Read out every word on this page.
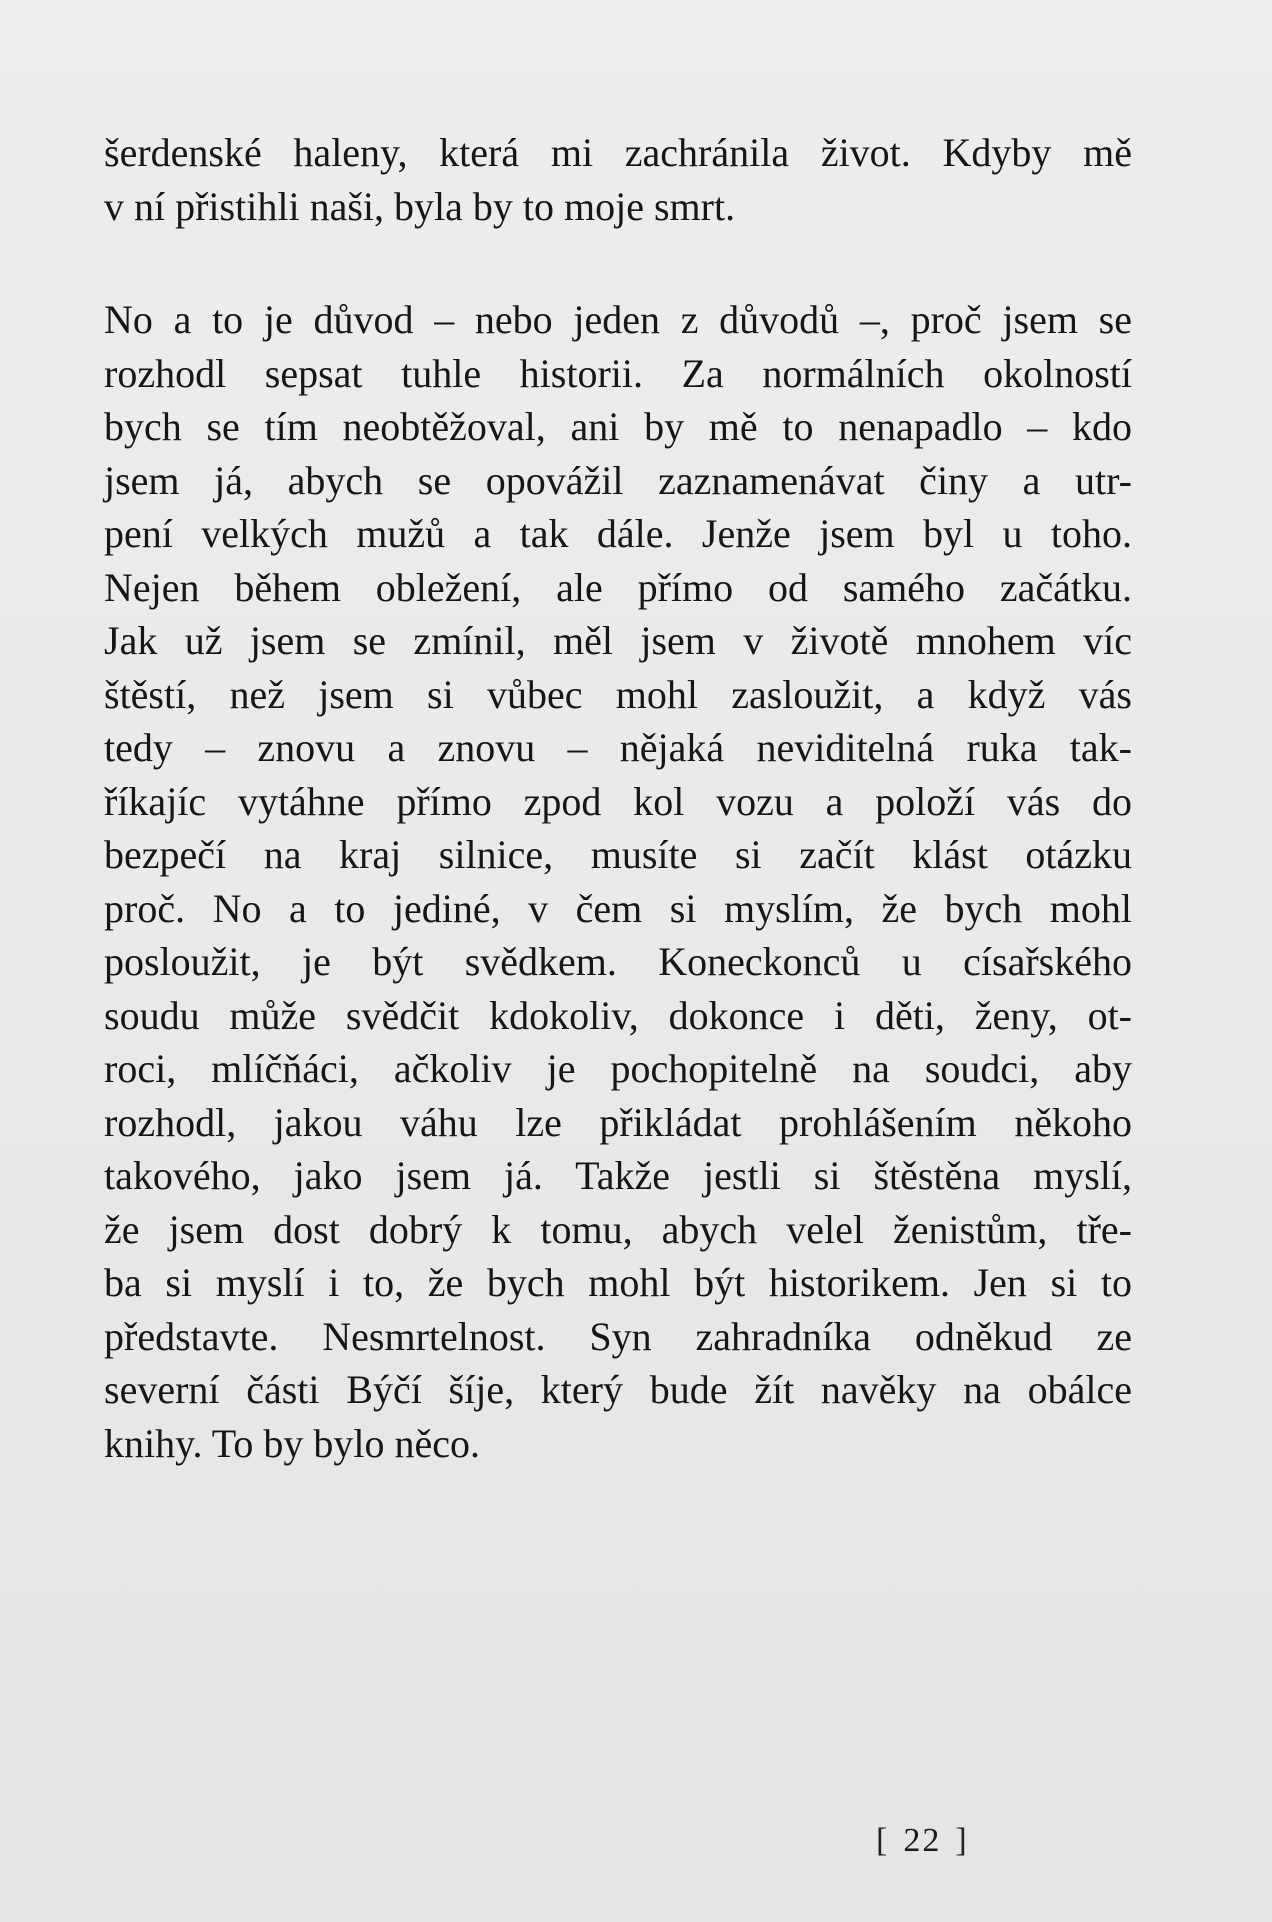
šerdenské haleny, která mi zachránila život. Kdyby mě
v ní přistihli naši, byla by to moje smrt.
No a to je důvod – nebo jeden z důvodů –, proč jsem se
rozhodl sepsat tuhle historii. Za normálních okolností
bych se tím neobtěžoval, ani by mě to nenapadlo – kdo
jsem já, abych se opovážil zaznamenávat činy a utr-
pení velkých mužů a tak dále. Jenže jsem byl u toho.
Nejen během obležení, ale přímo od samého začátku.
Jak už jsem se zmínil, měl jsem v životě mnohem víc
štěstí, než jsem si vůbec mohl zasloužit, a když vás
tedy – znovu a znovu – nějaká neviditelná ruka tak-
říkajíc vytáhne přímo zpod kol vozu a položí vás do
bezpečí na kraj silnice, musíte si začít klást otázku
proč. No a to jediné, v čem si myslím, že bych mohl
posloužit, je být svědkem. Koneckonců u císařského
soudu může svědčit kdokoliv, dokonce i děti, ženy, ot-
roci, mlíčňáci, ačkoliv je pochopitelně na soudci, aby
rozhodl, jakou váhu lze přikládat prohlášením někoho
takového, jako jsem já. Takže jestli si štěstěna myslí,
že jsem dost dobrý k tomu, abych velel ženistům, tře-
ba si myslí i to, že bych mohl být historikem. Jen si to
představte. Nesmrtelnost. Syn zahradníka odněkud ze
severní části Býčí šíje, který bude žít navěky na obálce
knihy. To by bylo něco.
[ 22 ]
